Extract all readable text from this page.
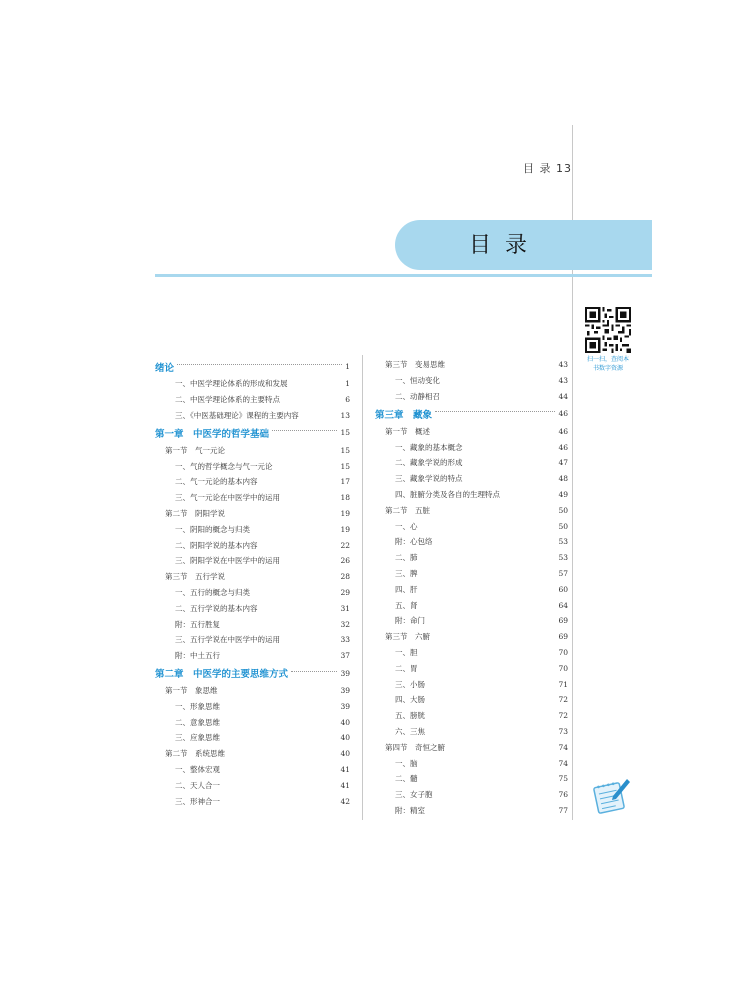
目 录 13
目录
扫一扫，查阅本
书数字资源
绪论	1
一、中医学理论体系的形成和发展	1
二、中医学理论体系的主要特点	6
三、《中医基础理论》课程的主要内容	13
第一章　中医学的哲学基础	15
第一节　气一元论	15
一、气的哲学概念与气一元论	15
二、气一元论的基本内容	17
三、气一元论在中医学中的运用	18
第二节　阴阳学说	19
一、阴阳的概念与归类	19
二、阴阳学说的基本内容	22
三、阴阳学说在中医学中的运用	26
第三节　五行学说	28
一、五行的概念与归类	29
二、五行学说的基本内容	31
附：五行胜复	32
三、五行学说在中医学中的运用	33
附：中土五行	37
第二章　中医学的主要思维方式	39
第一节　象思维	39
一、形象思维	39
二、意象思维	40
三、应象思维	40
第二节　系统思维	40
一、整体宏观	41
二、天人合一	41
三、形神合一	42
第三节　变易思维	43
一、恒动变化	43
二、动静相召	44
第三章　藏象	46
第一节　概述	46
一、藏象的基本概念	46
二、藏象学说的形成	47
三、藏象学说的特点	48
四、脏腑分类及各自的生理特点	49
第二节　五脏	50
一、心	50
附：心包络	53
二、肺	53
三、脾	57
四、肝	60
五、肾	64
附：命门	69
第三节　六腑	69
一、胆	70
二、胃	70
三、小肠	71
四、大肠	72
五、膀胱	72
六、三焦	73
第四节　奇恒之腑	74
一、脑	74
二、髓	75
三、女子胞	76
附：精室	77
